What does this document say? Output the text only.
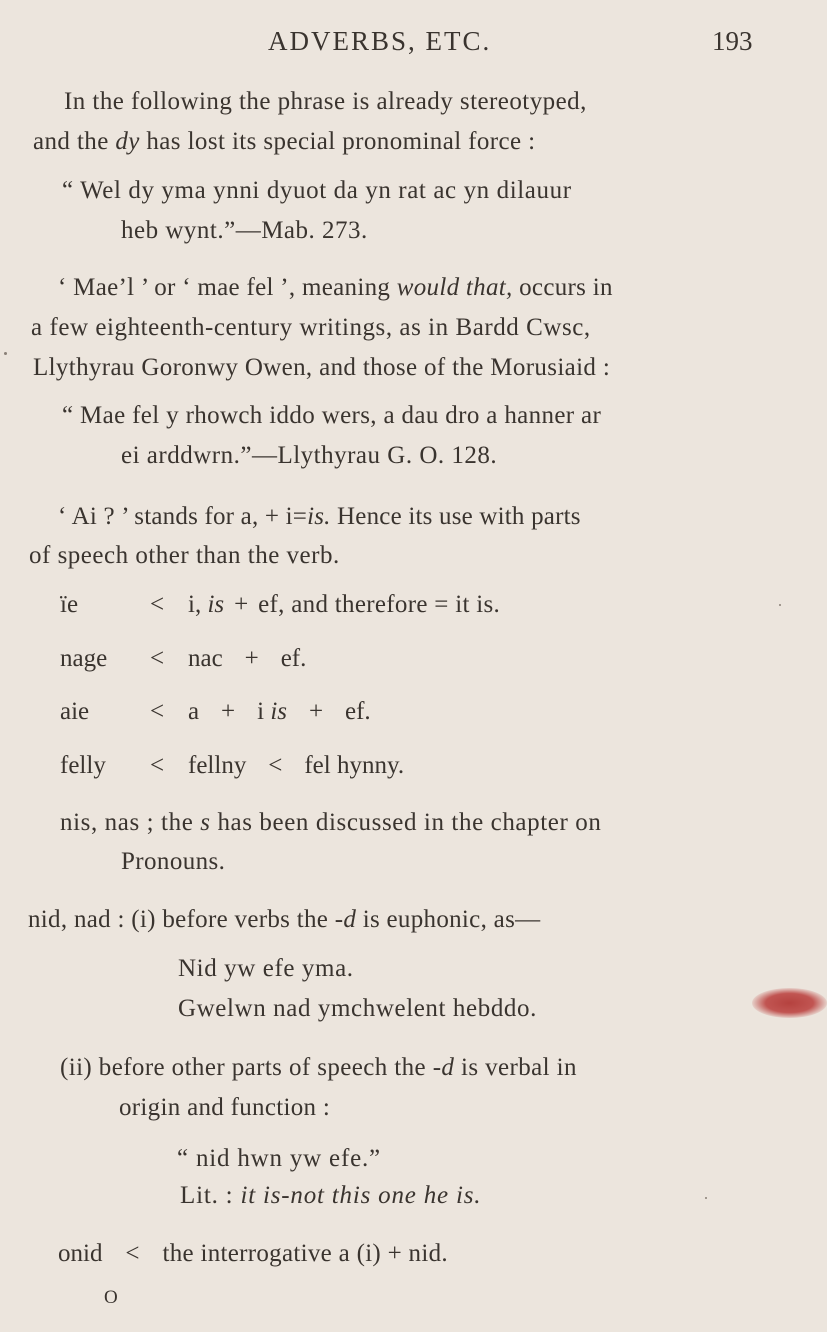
ADVERBS, ETC.	193
In the following the phrase is already stereotyped,
and the dy has lost its special pronominal force :
“ Wel dy yma ynni dyuot da yn rat ac yn dilauur
heb wynt.”—Mab. 273.
‘ Mae’l ’ or ‘ mae fel ’, meaning would that, occurs in
a few eighteenth-century writings, as in Bardd Cwsc,
Llythyrau Goronwy Owen, and those of the Morusiaid :
“ Mae fel y rhowch iddo wers, a dau dro a hanner ar
ei arddwrn.”—Llythyrau G. O. 128.
‘ Ai ? ’ stands for a, + i=is. Hence its use with parts
of speech other than the verb.
ïe	< i, is + ef, and therefore = it is.
nage < nac + ef.
aie < a + i is + ef.
felly < fellny < fel hynny.
nis, nas ; the s has been discussed in the chapter on
Pronouns.
nid, nad : (i) before verbs the -d is euphonic, as—
Nid yw efe yma.
Gwelwn nad ymchwelent hebddo.
(ii) before other parts of speech the -d is verbal in
origin and function :
“ nid hwn yw efe.”
Lit. : it is-not this one he is.
onid < the interrogative a (i) + nid.
O
